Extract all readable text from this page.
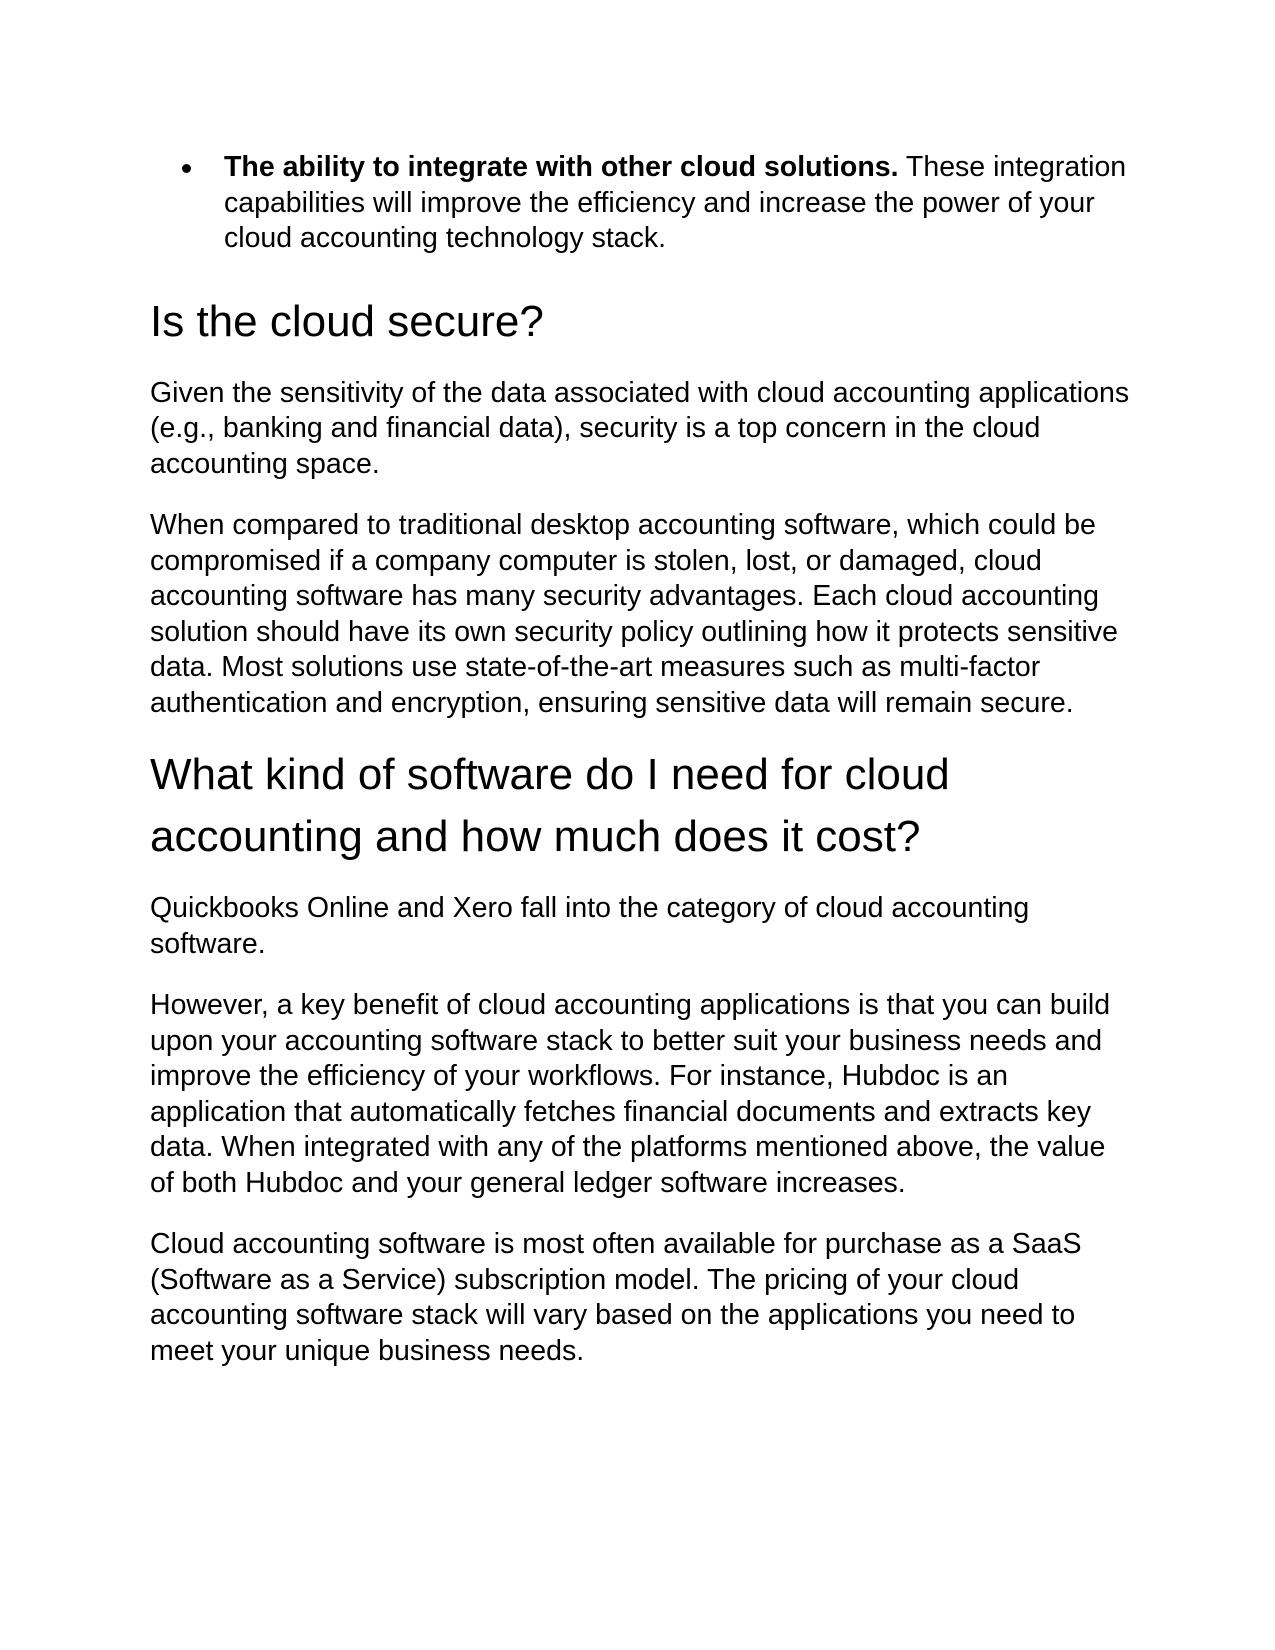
The ability to integrate with other cloud solutions. These integration capabilities will improve the efficiency and increase the power of your cloud accounting technology stack.
Is the cloud secure?

Given the sensitivity of the data associated with cloud accounting applications (e.g., banking and financial data), security is a top concern in the cloud accounting space.

When compared to traditional desktop accounting software, which could be compromised if a company computer is stolen, lost, or damaged, cloud accounting software has many security advantages. Each cloud accounting solution should have its own security policy outlining how it protects sensitive data. Most solutions use state-of-the-art measures such as multi-factor authentication and encryption, ensuring sensitive data will remain secure.

What kind of software do I need for cloud accounting and how much does it cost?

Quickbooks Online and Xero fall into the category of cloud accounting software.

However, a key benefit of cloud accounting applications is that you can build upon your accounting software stack to better suit your business needs and improve the efficiency of your workflows. For instance, Hubdoc is an application that automatically fetches financial documents and extracts key data. When integrated with any of the platforms mentioned above, the value of both Hubdoc and your general ledger software increases.

Cloud accounting software is most often available for purchase as a SaaS (Software as a Service) subscription model. The pricing of your cloud accounting software stack will vary based on the applications you need to meet your unique business needs.
